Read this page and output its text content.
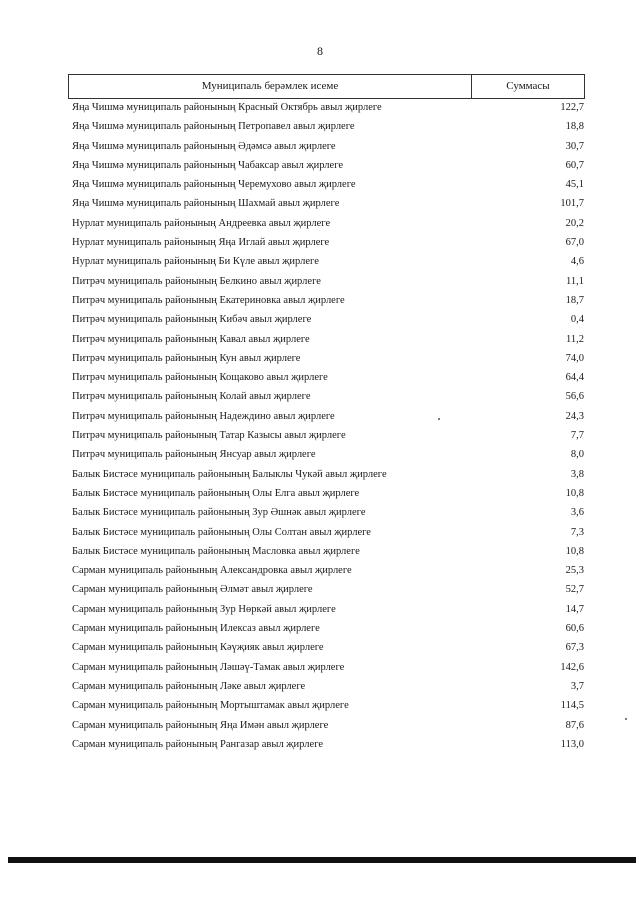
8
Муниципаль берәмлек исеме	Суммасы
Яңа Чишмә муниципаль районының Красный Октябрь авыл җирлеге	122,7
Яңа Чишмә муниципаль районының Петропавел авыл җирлеге	18,8
Яңа Чишмә муниципаль районының Әдәмсә авыл җирлеге	30,7
Яңа Чишмә муниципаль районының Чабаксар авыл җирлеге	60,7
Яңа Чишмә муниципаль районының Черемухово авыл җирлеге	45,1
Яңа Чишмә муниципаль районының Шахмай авыл җирлеге	101,7
Нурлат муниципаль районының Андреевка авыл җирлеге	20,2
Нурлат муниципаль районының Яңа Иглай авыл җирлеге	67,0
Нурлат муниципаль районының Би Күле авыл җирлеге	4,6
Питрәч муниципаль районының Белкино авыл җирлеге	11,1
Питрәч муниципаль районының Екатериновка авыл җирлеге	18,7
Питрәч муниципаль районының Кибәч авыл җирлеге	0,4
Питрәч муниципаль районының Кавал авыл җирлеге	11,2
Питрәч муниципаль районының Кун авыл җирлеге	74,0
Питрәч муниципаль районының Кощаково авыл җирлеге	64,4
Питрәч муниципаль районының Колай авыл җирлеге	56,6
Питрәч муниципаль районының Надеждино авыл җирлеге	24,3
Питрәч муниципаль районының Татар Казысы авыл җирлеге	7,7
Питрәч муниципаль районының Янсуар авыл җирлеге	8,0
Балык Бистәсе муниципаль районының Балыклы Чукәй авыл җирлеге	3,8
Балык Бистәсе муниципаль районының Олы Елга авыл җирлеге	10,8
Балык Бистәсе муниципаль районының Зур Әшнәк авыл җирлеге	3,6
Балык Бистәсе муниципаль районының Олы Солтан авыл җирлеге	7,3
Балык Бистәсе муниципаль районының Масловка авыл җирлеге	10,8
Сарман муниципаль районының Александровка авыл җирлеге	25,3
Сарман муниципаль районының Әлмәт авыл җирлеге	52,7
Сарман муниципаль районының Зур Нөркәй авыл җирлеге	14,7
Сарман муниципаль районының Илексаз авыл җирлеге	60,6
Сарман муниципаль районының Кәүҗияк авыл җирлеге	67,3
Сарман муниципаль районының Ләшәү-Тамак авыл җирлеге	142,6
Сарман муниципаль районының Ләке авыл җирлеге	3,7
Сарман муниципаль районының Мортыштамак авыл җирлеге	114,5
Сарман муниципаль районының Яңа Имән авыл җирлеге	87,6
Сарман муниципаль районының Рангазар авыл җирлеге	113,0
